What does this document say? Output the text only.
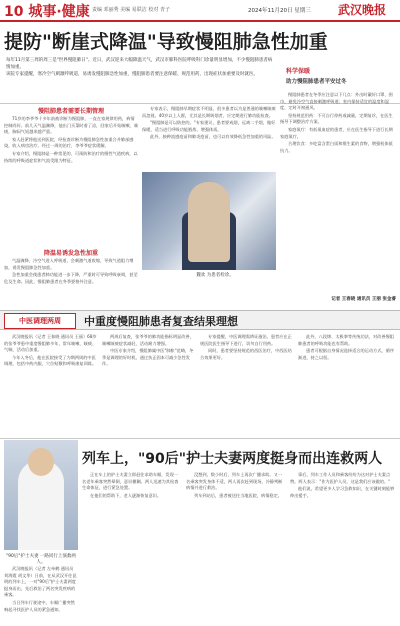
10 城事·健康 责编 邓丽秀 美编 易联洁 校对 青子	2024年11月20日 星期三 武汉晚报
提防"断崖式降温"导致慢阻肺急性加重

每年11月第三周的周三是"世界慢阻肺日"。近日，武汉迎来大幅降温天气，武汉市肺科医院呼吸科门诊量明显增加，不少慢阻肺患者病情加重。

该院专家提醒，寒冷空气刺激呼吸道，易诱发慢阻肺急性加重，慢阻肺患者要注意保暖、规范用药，出现症状加重要及时就医。	科学保暖
助力慢阻肺患者平安过冬
慢阻肺患者需要长期管理

71岁的李爷爷十多年前被诊断为慢阻肺，一直在家规律用药，病情控制尚好。前几天气温骤降，他出门买菜时着了凉，回家后开始咳嗽、咳痰，胸闷气短越来越严重。

家人赶紧将他送到医院，经检查诊断为慢阻肺急性加重合并肺部感染，收入病房治疗。经过一周的治疗，李爷爷症状缓解。

专家介绍，慢阻肺是一种常见的、可预防和治疗的慢性气道疾病，以持续的呼吸道症状和气流受限为特征。

降温易诱发急性加重

气温骤降，冷空气进入呼吸道，会刺激气道收缩，导致气道阻力增加，诱发慢阻肺急性加重。

急性加重会使患者肺功能进一步下降，严重时可导致呼吸衰竭，甚至危及生命。因此，慢阻肺患者在冬季要格外注意。

专家表示，慢阻肺早期症状不明显，很多患者以为是普通的咳嗽咳痰而忽视。40岁以上人群，尤其是长期吸烟者，应定期进行肺功能检查。

"慢阻肺是可以防控的。"专家建议，患者要戒烟，远离二手烟，做好保暖，适当进行呼吸功能锻炼，增强体质。

此外，接种流感疫苗和肺炎疫苗，也可以有效降低急性加重的风险。

魏欢 为患者检诊。

慢阻肺患者在冬季应注意以下几点：外出时戴好口罩、围巾，避免冷空气直接刺激呼吸道；室内保持适宜的温度和湿度，定时开窗通风。

坚持规范用药：不可自行停药或减量，定期复诊，在医生指导下调整治疗方案。

家庭氧疗：有低氧血症的患者，应在医生指导下进行长期家庭氧疗。

合理饮食：多吃富含蛋白质和维生素的食物，增强机体抵抗力。

记者 王春晓 通讯员 王丽 张金睿
中医调理两周	中重度慢阻肺患者复查结果理想

武汉晚报讯（记者 王春晓 通讯员 王丽）68岁的张爷爷患中重度慢阻肺多年，常年咳嗽、咳痰、气喘，活动后加重。

今年入冬后，他在医院接受了为期两周的中医调理，包括中药内服、穴位贴敷和呼吸康复训练。

两周后复查，张爷爷的肺功能指标明显改善，咳嗽咳痰症状减轻，活动耐力增强。

中医专家介绍，慢阻肺属中医"肺胀"范畴，冬季是调理的好时机，通过扶正固本可减少急性发作。

专家提醒，中医调理需辨证施治，患者应在正规医院医生指导下进行，切勿自行用药。

同时，患者要坚持规范的西医治疗，中西医结合效果更好。

此外，八段锦、太极拳等传统功法，对改善慢阻肺患者的呼吸功能也有帮助。

患者可根据自身情况选择适合的运动方式，循序渐进，持之以恒。

"90后"护士夫妻 一路同行上演救两人。
列车上，"90后"护士夫妻两度挺身而出连救两人

武汉晚报讯（记者 左牵鹤 通讯员 刘海霞 胡文华）日前，在从武汉开往昆明的列车上，一对"90后"护士夫妻两度挺身而出，先后救治了两名突发疾病的乘客。

当日列车行驶途中，车厢广播突然响起寻找医护人员的紧急通知。

正在车上的护士夫妻立即赶往求助车厢，发现一名老年乘客突然晕倒，意识模糊。两人迅速为其检查生命体征，进行紧急处置。

在他们的帮助下，老人逐渐恢复意识。

没想到，数小时后，列车上再次广播求助。又一名乘客突发身体不适，两人再次赶到现场，冷静判断病情并进行救治。

列车到站后，患者被送往当地医院，病情稳定。

事后，列车工作人员和乘客纷纷为这对护士夫妻点赞。两人表示："作为医护人员，这是我们应该做的。"

他们说，希望更多人学习急救知识，在关键时刻能够伸出援手。
